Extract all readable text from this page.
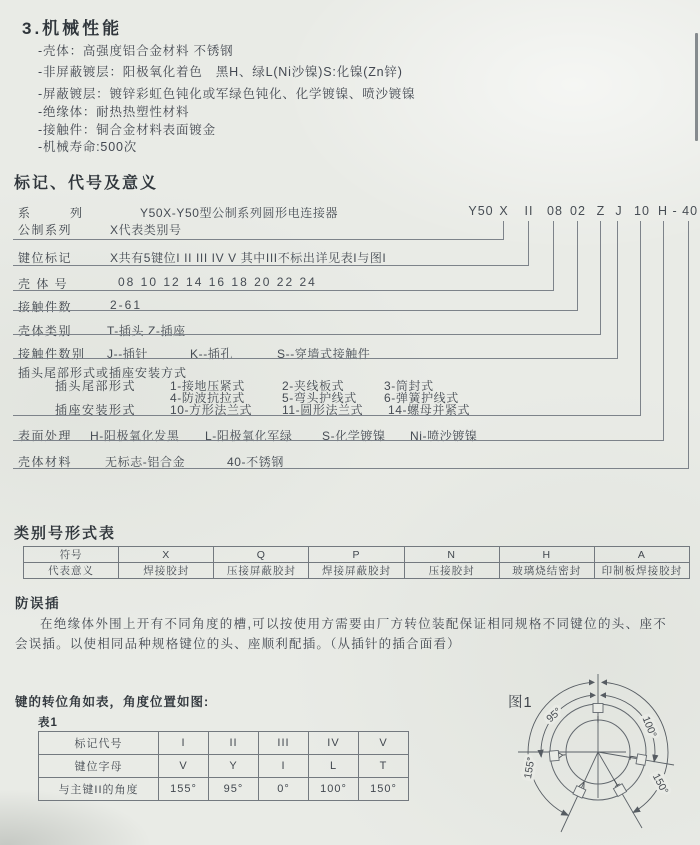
3.机械性能
-壳体：高强度铝合金材料 不锈钢
-非屏蔽镀层：阳极氧化着色　黑H、绿L(Ni沙镍)S:化镍(Zn锌)
-屏蔽镀层：镀锌彩虹色钝化或军绿色钝化、化学镀镍、喷沙镀镍
-绝缘体：耐热热塑性材料
-接触件：铜合金材料表面镀金
-机械寿命:500次
标记、代号及意义
Y50 X II 08 02 Z J 10 H - 40
系　列	Y50X-Y50型公制系列圆形电连接器
公制系列	X代表类别号
键位标记	X共有5键位I II III IV V 其中III不标出详见表I与图I
壳 体 号	08 10 12 14 16 18 20 22 24
接触件数	2-61
壳体类别	T-插头 Z-插座
接触件数别 J--插针	K--插孔	S--穿墙式接触件
插头尾部形式或插座安装方式
插头尾部形式	1-接地压紧式	2-夹线板式	3-筒封式
4-防波抗拉式	5-弯头护线式 6-弹簧护线式
插座安装形式	10-方形法兰式 11-圆形法兰式 14-螺母并紧式
表面处理 H-阳极氧化发黑 L-阳极氧化军绿 S-化学镀镍 Ni-喷沙镀镍
壳体材料	无标志-铝合金	40-不锈钢
类别号形式表
符号	X	Q	P	N	H	A
代表意义	焊接胶封	压接屏蔽胶封	焊接屏蔽胶封	压接胶封	玻璃烧结密封	印制板焊接胶封
防误插
在绝缘体外围上开有不同角度的槽,可以按使用方需要由厂方转位装配保证相同规格不同键位的头、座不会误插。以使相同品种规格键位的头、座顺利配插。（从插针的插合面看）
键的转位角如表，角度位置如图:
表1
标记代号	I	II	III	IV	V
键位字母	V	Y	I	L	T
与主键II的角度	155°	95°	0°	100°	150°
图1
I
Y
V
L
T
95°	100°
155°
150°
